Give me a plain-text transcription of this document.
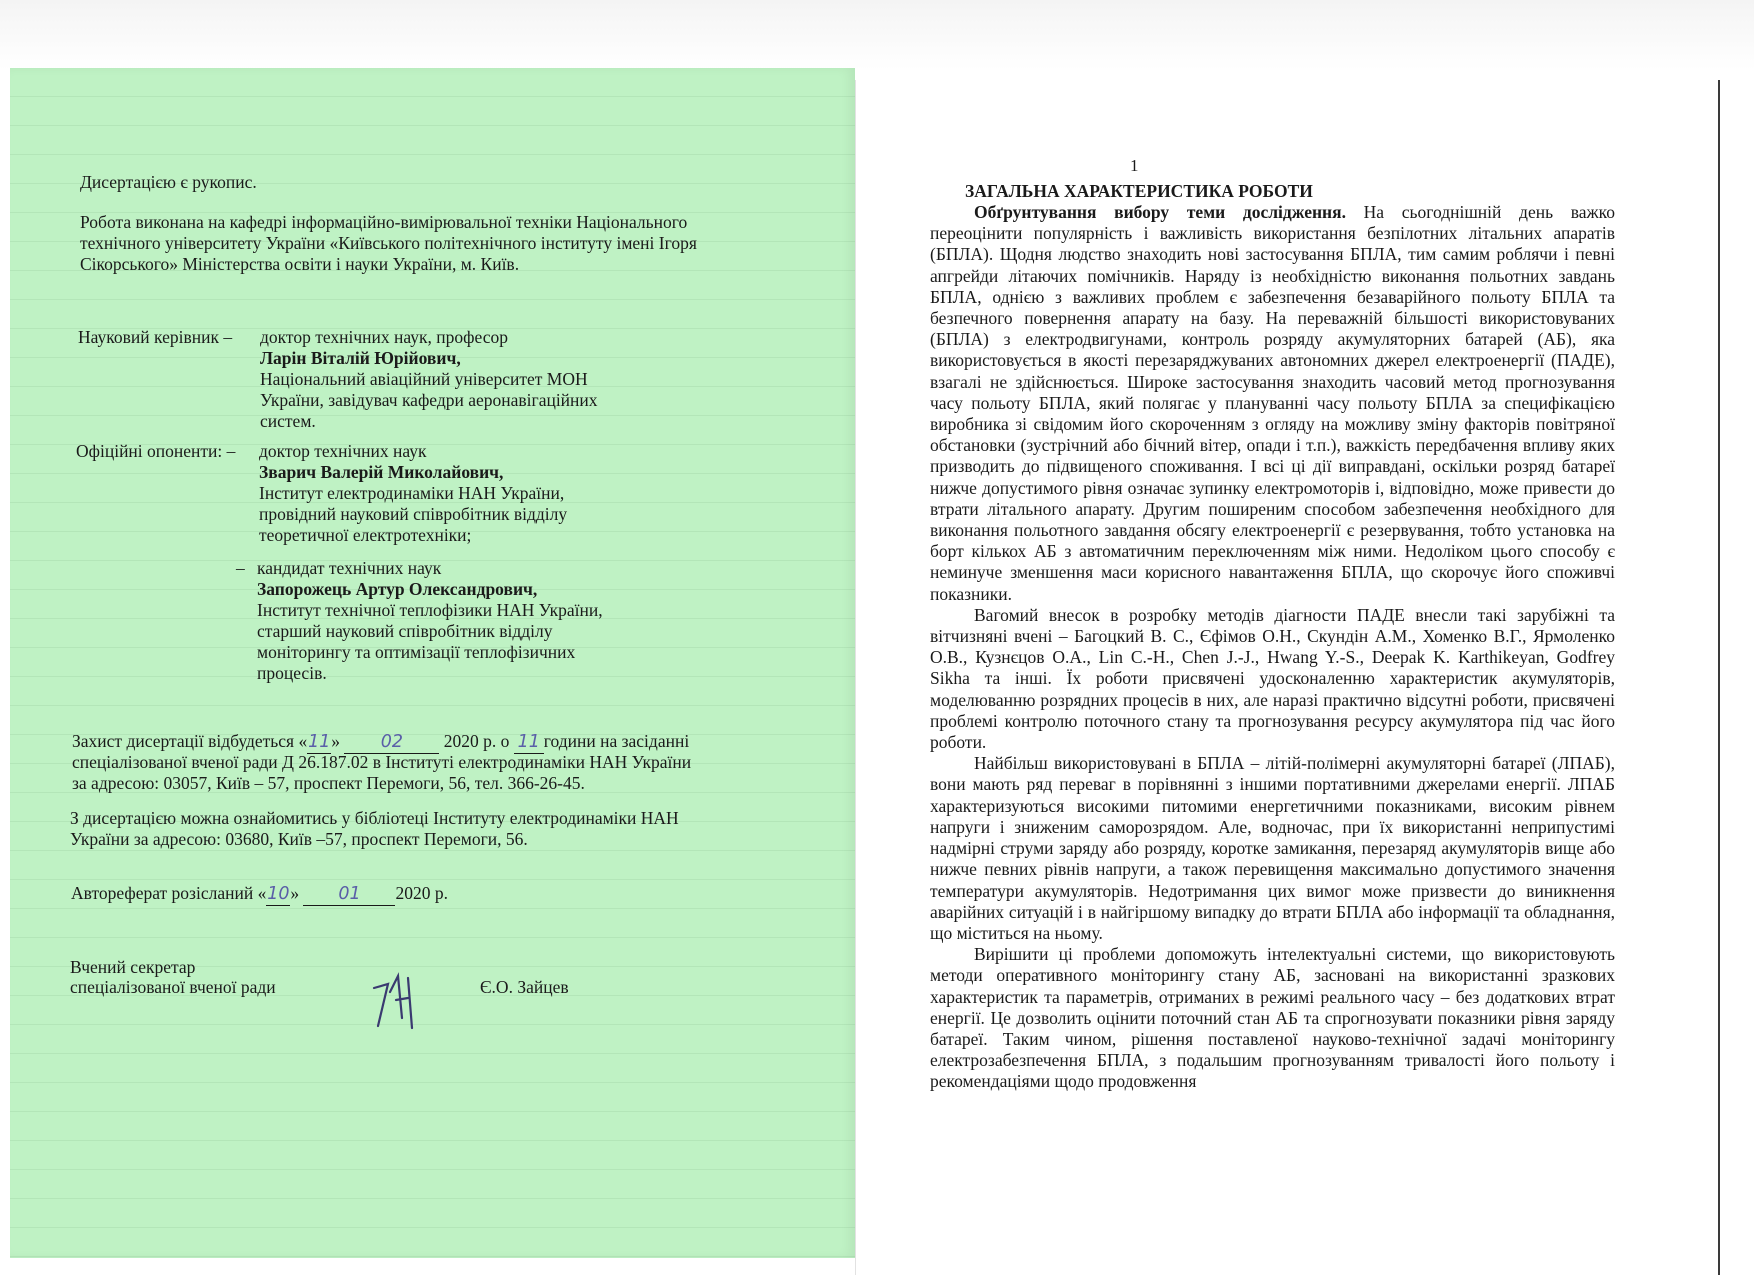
Дисертацією є рукопис.
Робота виконана на кафедрі інформаційно-вимірювальної техніки Національного
технічного університету України «Київського політехнічного інституту імені Ігоря
Сікорського» Міністерства освіти і науки України, м. Київ.
Науковий керівник – доктор технічних наук, професор
Ларін Віталій Юрійович,
Національний авіаційний університет МОН
України, завідувач кафедри аеронавігаційних
систем.
Офіційні опоненти: – доктор технічних наук
Зварич Валерій Миколайович,
Інститут електродинаміки НАН України,
провідний науковий співробітник відділу
теоретичної електротехніки;
– кандидат технічних наук
Запорожець Артур Олександрович,
Інститут технічної теплофізики НАН України,
старший науковий співробітник відділу
моніторингу та оптимізації теплофізичних
процесів.
Захист дисертації відбудеться «11» 02 2020 р. о 11 години на засіданні
спеціалізованої вченої ради Д 26.187.02 в Інституті електродинаміки НАН України
за адресою: 03057, Київ – 57, проспект Перемоги, 56, тел. 366-26-45.
З дисертацією можна ознайомитись у бібліотеці Інституту електродинаміки НАН
України за адресою: 03680, Київ –57, проспект Перемоги, 56.
Автореферат розісланий «10» 01 2020 р.
Вчений секретар
спеціалізованої вченої ради	Є.О. Зайцев
1
ЗАГАЛЬНА ХАРАКТЕРИСТИКА РОБОТИ

Обґрунтування вибору теми дослідження. На сьогоднішній день важко переоцінити популярність і важливість використання безпілотних літальних апаратів (БПЛА). Щодня людство знаходить нові застосування БПЛА, тим самим роблячи і певні апгрейди літаючих помічників. Наряду із необхідністю виконання польотних завдань БПЛА, однією з важливих проблем є забезпечення безаварійного польоту БПЛА та безпечного повернення апарату на базу. На переважній більшості використовуваних (БПЛА) з електродвигунами, контроль розряду акумуляторних батарей (АБ), яка використовується в якості перезаряджуваних автономних джерел електроенергії (ПАДЕ), взагалі не здійснюється. Широке застосування знаходить часовий метод прогнозування часу польоту БПЛА, який полягає у плануванні часу польоту БПЛА за специфікацією виробника зі свідомим його скороченням з огляду на можливу зміну факторів повітряної обстановки (зустрічний або бічний вітер, опади і т.п.), важкість передбачення впливу яких призводить до підвищеного споживання. І всі ці дії виправдані, оскільки розряд батареї нижче допустимого рівня означає зупинку електромоторів і, відповідно, може привести до втрати літального апарату. Другим поширеним способом забезпечення необхідного для виконання польотного завдання обсягу електроенергії є резервування, тобто установка на борт кількох АБ з автоматичним переключенням між ними. Недоліком цього способу є неминуче зменшення маси корисного навантаження БПЛА, що скорочує його споживчі показники.

Вагомий внесок в розробку методів діагности ПАДЕ внесли такі зарубіжні та вітчизняні вчені – Багоцкий В. С., Єфімов О.Н., Скундін А.М., Хоменко В.Г., Ярмоленко О.В., Кузнєцов О.А., Lin C.-H., Chen J.-J., Hwang Y.-S., Deepak K. Karthikeyan, Godfrey Sikha та інші. Їх роботи присвячені удосконаленню характеристик акумуляторів, моделюванню розрядних процесів в них, але наразі практично відсутні роботи, присвячені проблемі контролю поточного стану та прогнозування ресурсу акумулятора під час його роботи.

Найбільш використовувані в БПЛА – літій-полімерні акумуляторні батареї (ЛПАБ), вони мають ряд переваг в порівнянні з іншими портативними джерелами енергії. ЛПАБ характеризуються високими питомими енергетичними показниками, високим рівнем напруги і зниженим саморозрядом. Але, водночас, при їх використанні неприпустимі надмірні струми заряду або розряду, коротке замикання, перезаряд акумуляторів вище або нижче певних рівнів напруги, а також перевищення максимально допустимого значення температури акумуляторів. Недотримання цих вимог може призвести до виникнення аварійних ситуацій і в найгіршому випадку до втрати БПЛА або інформації та обладнання, що міститься на ньому.

Вирішити ці проблеми допоможуть інтелектуальні системи, що використовують методи оперативного моніторингу стану АБ, засновані на використанні зразкових характеристик та параметрів, отриманих в режимі реального часу – без додаткових втрат енергії. Це дозволить оцінити поточний стан АБ та спрогнозувати показники рівня заряду батареї. Таким чином, рішення поставленої науково-технічної задачі моніторингу електрозабезпечення БПЛА, з подальшим прогнозуванням тривалості його польоту і рекомендаціями щодо продовження
